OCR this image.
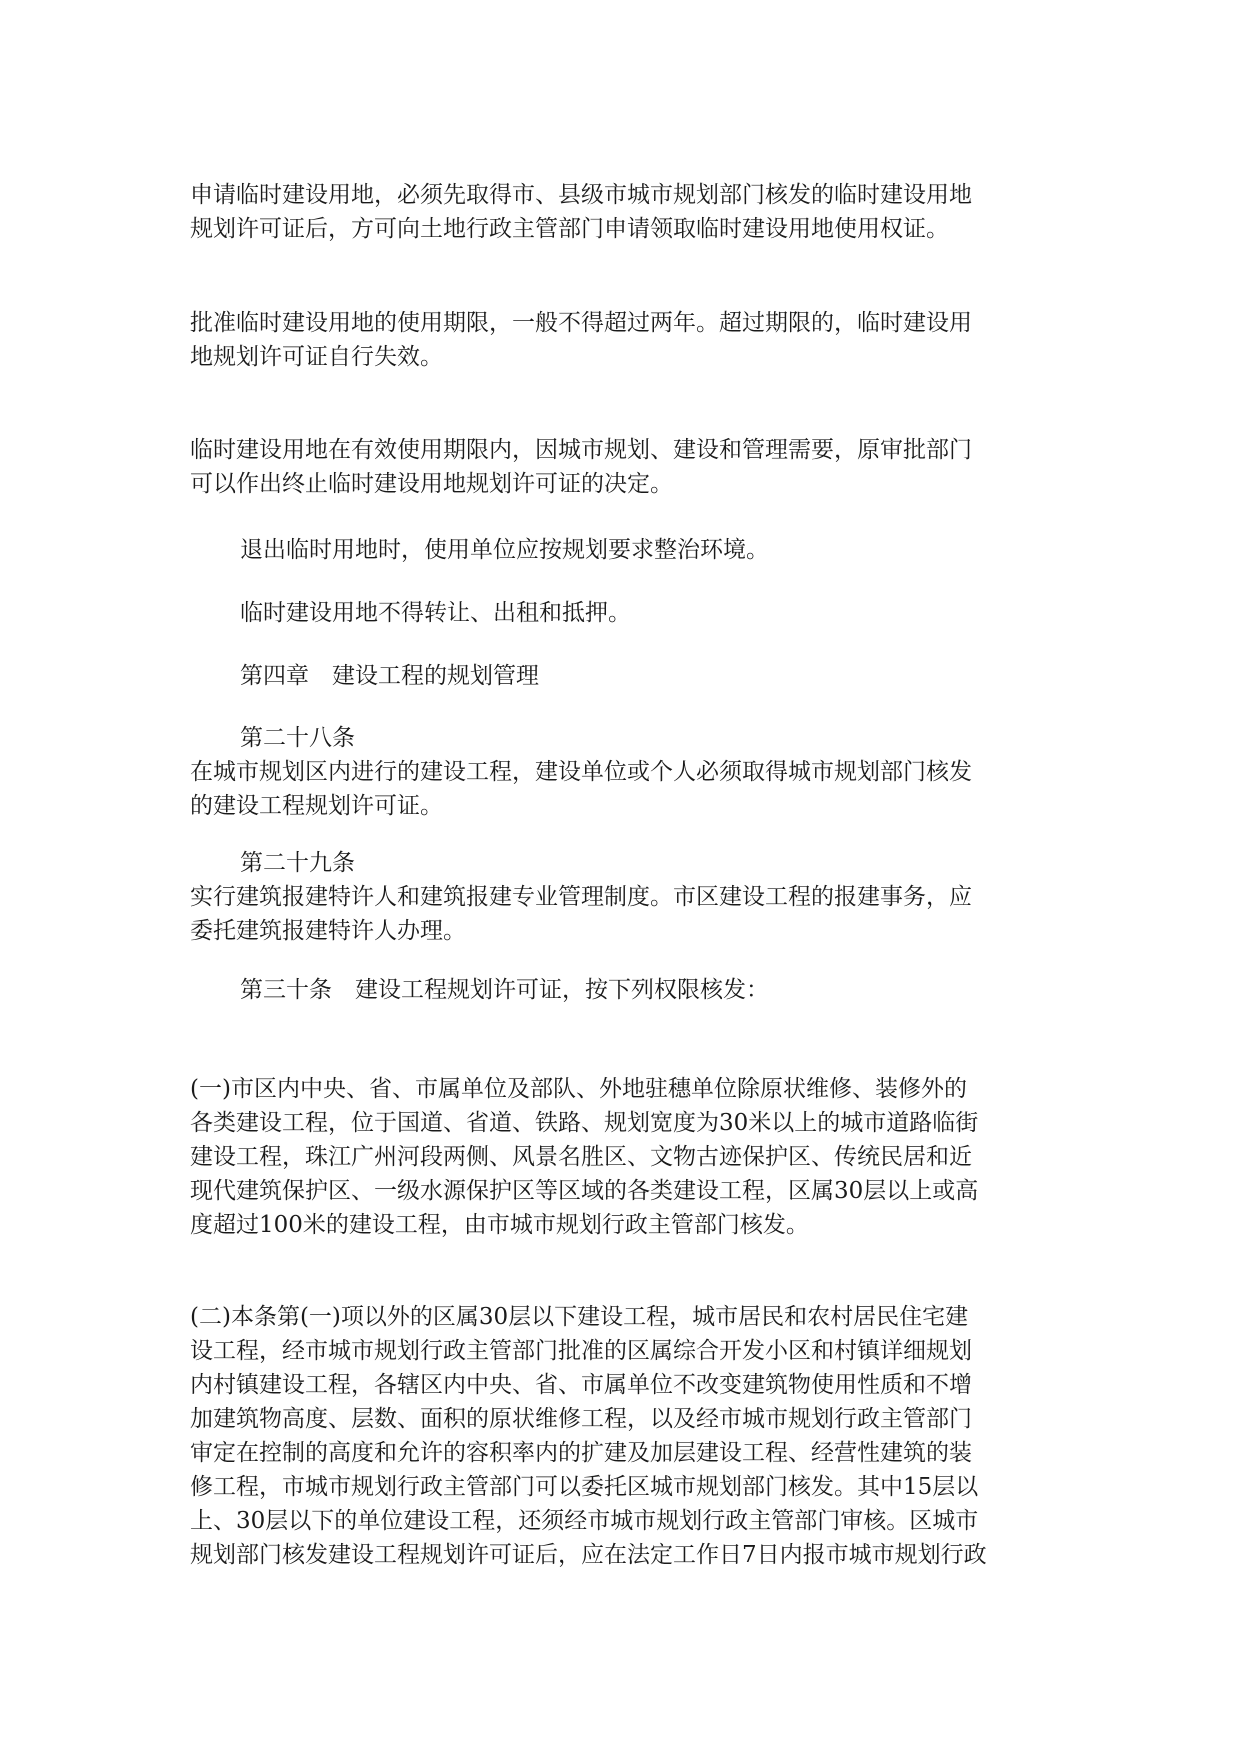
申请临时建设用地，必须先取得市、县级市城市规划部门核发的临时建设用地
规划许可证后，方可向土地行政主管部门申请领取临时建设用地使用权证。
批准临时建设用地的使用期限，一般不得超过两年。超过期限的，临时建设用
地规划许可证自行失效。
临时建设用地在有效使用期限内，因城市规划、建设和管理需要，原审批部门
可以作出终止临时建设用地规划许可证的决定。
退出临时用地时，使用单位应按规划要求整治环境。
临时建设用地不得转让、出租和抵押。
第四章　建设工程的规划管理
第二十八条
在城市规划区内进行的建设工程，建设单位或个人必须取得城市规划部门核发
的建设工程规划许可证。
第二十九条
实行建筑报建特许人和建筑报建专业管理制度。市区建设工程的报建事务，应
委托建筑报建特许人办理。
第三十条　建设工程规划许可证，按下列权限核发：
(一)市区内中央、省、市属单位及部队、外地驻穗单位除原状维修、装修外的
各类建设工程，位于国道、省道、铁路、规划宽度为30米以上的城市道路临街
建设工程，珠江广州河段两侧、风景名胜区、文物古迹保护区、传统民居和近
现代建筑保护区、一级水源保护区等区域的各类建设工程，区属30层以上或高
度超过100米的建设工程，由市城市规划行政主管部门核发。
(二)本条第(一)项以外的区属30层以下建设工程，城市居民和农村居民住宅建
设工程，经市城市规划行政主管部门批准的区属综合开发小区和村镇详细规划
内村镇建设工程，各辖区内中央、省、市属单位不改变建筑物使用性质和不增
加建筑物高度、层数、面积的原状维修工程，以及经市城市规划行政主管部门
审定在控制的高度和允许的容积率内的扩建及加层建设工程、经营性建筑的装
修工程，市城市规划行政主管部门可以委托区城市规划部门核发。其中15层以
上、30层以下的单位建设工程，还须经市城市规划行政主管部门审核。区城市
规划部门核发建设工程规划许可证后，应在法定工作日7日内报市城市规划行政
